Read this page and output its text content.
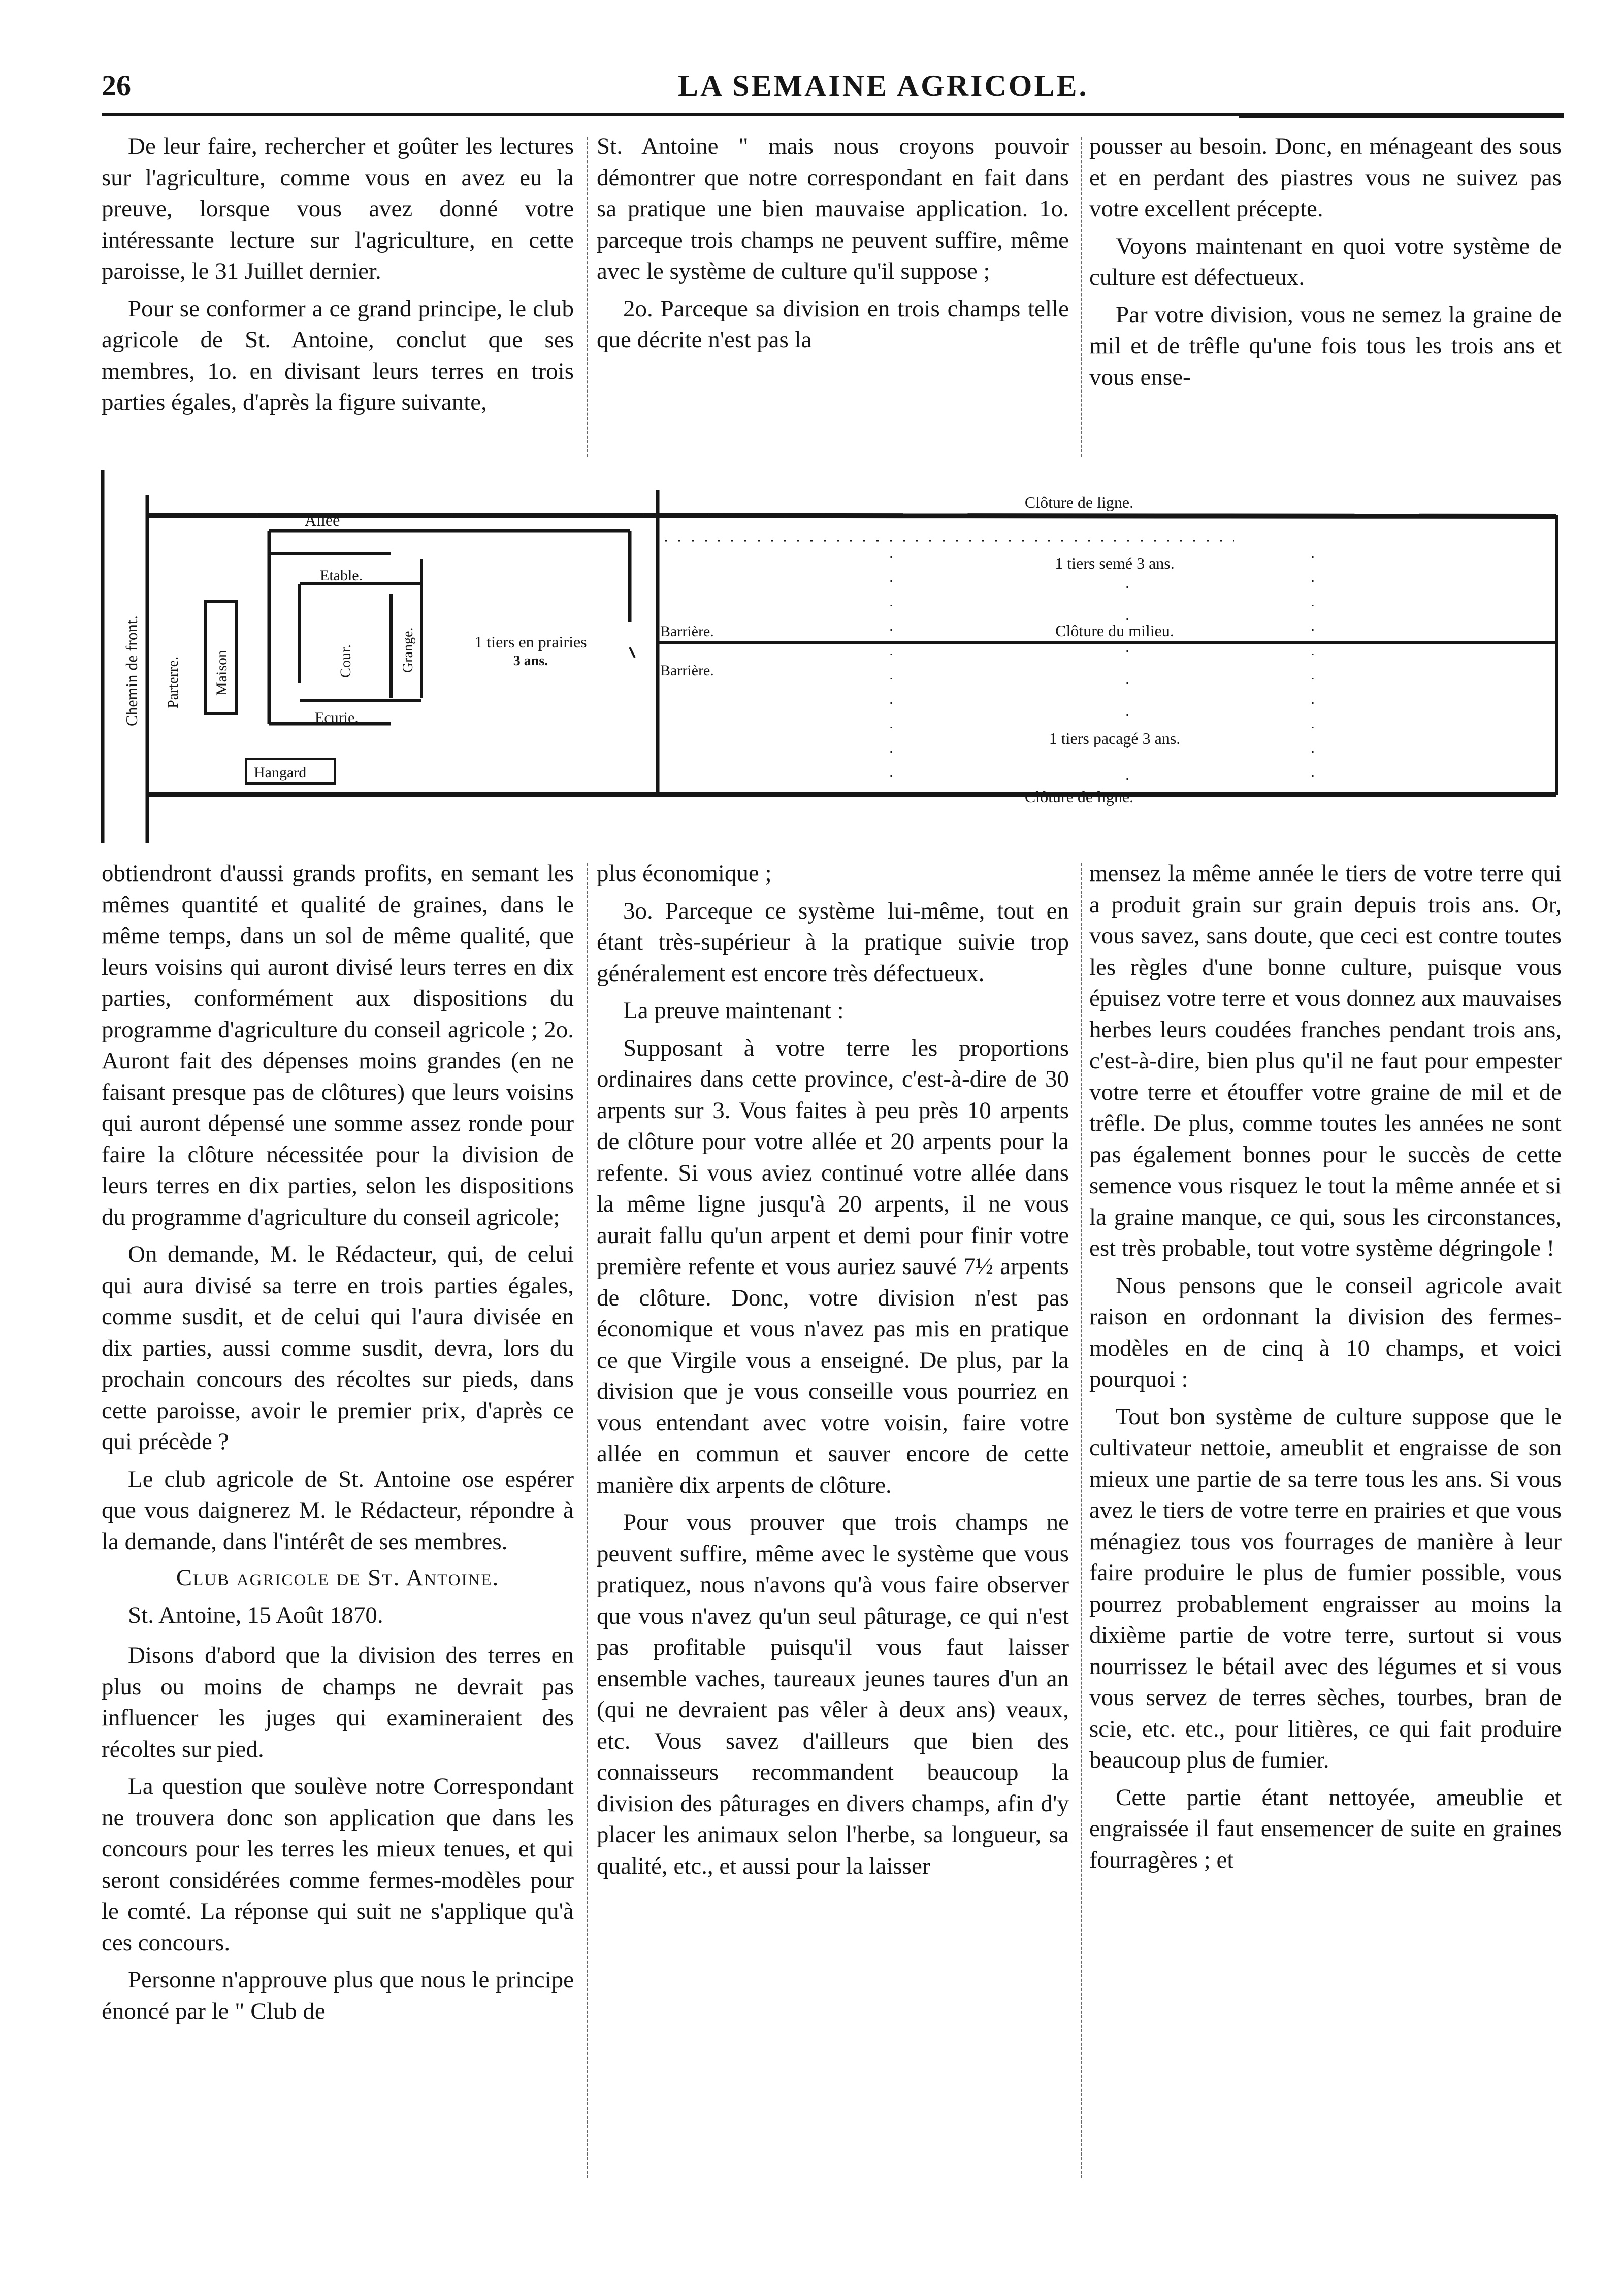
26	LA SEMAINE AGRICOLE.

De leur faire, rechercher et goûter les lectures sur l'agriculture, comme vous en avez eu la preuve, lorsque vous avez donné votre intéressante lecture sur l'agriculture, en cette paroisse, le 31 Juillet dernier.

Pour se conformer a ce grand principe, le club agricole de St. Antoine, conclut que ses membres, 1o. en divisant leurs terres en trois parties égales, d'après la figure suivante,

St. Antoine " mais nous croyons pouvoir démontrer que notre correspondant en fait dans sa pratique une bien mauvaise application. 1o. parceque trois champs ne peuvent suffire, même avec le système de culture qu'il suppose ;

2o. Parceque sa division en trois champs telle que décrite n'est pas la

pousser au besoin. Donc, en ménageant des sous et en perdant des piastres vous ne suivez pas votre excellent précepte.

Voyons maintenant en quoi votre système de culture est défectueux.

Par votre division, vous ne semez la graine de mil et de trêfle qu'une fois tous les trois ans et vous ense-

Clôture de ligne.
Clôture de ligne.
Chemin de front. Parterre. Maison
Allée
Etable.
Cour.	Grange.
Ecurie.
Hangard
1 tiers en prairies
3 ans.
Barrière.
Barrière.
1 tiers semé 3 ans.
Clôture du milieu.
1 tiers pacagé 3 ans.

obtiendront d'aussi grands profits, en semant les mêmes quantité et qualité de graines, dans le même temps, dans un sol de même qualité, que leurs voisins qui auront divisé leurs terres en dix parties, conformément aux dispositions du programme d'agriculture du conseil agricole ; 2o. Auront fait des dépenses moins grandes (en ne faisant presque pas de clôtures) que leurs voisins qui auront dépensé une somme assez ronde pour faire la clôture nécessitée pour la division de leurs terres en dix parties, selon les dispositions du programme d'agriculture du conseil agricole;

On demande, M. le Rédacteur, qui, de celui qui aura divisé sa terre en trois parties égales, comme susdit, et de celui qui l'aura divisée en dix parties, aussi comme susdit, devra, lors du prochain concours des récoltes sur pieds, dans cette paroisse, avoir le premier prix, d'après ce qui précède ?

Le club agricole de St. Antoine ose espérer que vous daignerez M. le Rédacteur, répondre à la demande, dans l'intérêt de ses membres.

Club agricole de St. Antoine.

St. Antoine, 15 Août 1870.

Disons d'abord que la division des terres en plus ou moins de champs ne devrait pas influencer les juges qui examineraient des récoltes sur pied.

La question que soulève notre Correspondant ne trouvera donc son application que dans les concours pour les terres les mieux tenues, et qui seront considérées comme fermes-modèles pour le comté. La réponse qui suit ne s'applique qu'à ces concours.

Personne n'approuve plus que nous le principe énoncé par le " Club de

plus économique ;

3o. Parceque ce système lui-même, tout en étant très-supérieur à la pratique suivie trop généralement est encore très défectueux.

La preuve maintenant :

Supposant à votre terre les proportions ordinaires dans cette province, c'est-à-dire de 30 arpents sur 3. Vous faites à peu près 10 arpents de clôture pour votre allée et 20 arpents pour la refente. Si vous aviez continué votre allée dans la même ligne jusqu'à 20 arpents, il ne vous aurait fallu qu'un arpent et demi pour finir votre première refente et vous auriez sauvé 7½ arpents de clôture. Donc, votre division n'est pas économique et vous n'avez pas mis en pratique ce que Virgile vous a enseigné. De plus, par la division que je vous conseille vous pourriez en vous entendant avec votre voisin, faire votre allée en commun et sauver encore de cette manière dix arpents de clôture.

Pour vous prouver que trois champs ne peuvent suffire, même avec le système que vous pratiquez, nous n'avons qu'à vous faire observer que vous n'avez qu'un seul pâturage, ce qui n'est pas profitable puisqu'il vous faut laisser ensemble vaches, taureaux jeunes taures d'un an (qui ne devraient pas vêler à deux ans) veaux, etc. Vous savez d'ailleurs que bien des connaisseurs recommandent beaucoup la division des pâturages en divers champs, afin d'y placer les animaux selon l'herbe, sa longueur, sa qualité, etc., et aussi pour la laisser

mensez la même année le tiers de votre terre qui a produit grain sur grain depuis trois ans. Or, vous savez, sans doute, que ceci est contre toutes les règles d'une bonne culture, puisque vous épuisez votre terre et vous donnez aux mauvaises herbes leurs coudées franches pendant trois ans, c'est-à-dire, bien plus qu'il ne faut pour empester votre terre et étouffer votre graine de mil et de trêfle. De plus, comme toutes les années ne sont pas également bonnes pour le succès de cette semence vous risquez le tout la même année et si la graine manque, ce qui, sous les circonstances, est très probable, tout votre système dégringole !

Nous pensons que le conseil agricole avait raison en ordonnant la division des fermes-modèles en de cinq à 10 champs, et voici pourquoi :

Tout bon système de culture suppose que le cultivateur nettoie, ameublit et engraisse de son mieux une partie de sa terre tous les ans. Si vous avez le tiers de votre terre en prairies et que vous ménagiez tous vos fourrages de manière à leur faire produire le plus de fumier possible, vous pourrez probablement engraisser au moins la dixième partie de votre terre, surtout si vous nourrissez le bétail avec des légumes et si vous vous servez de terres sèches, tourbes, bran de scie, etc. etc., pour litières, ce qui fait produire beaucoup plus de fumier.

Cette partie étant nettoyée, ameublie et engraissée il faut ensemencer de suite en graines fourragères ; et
